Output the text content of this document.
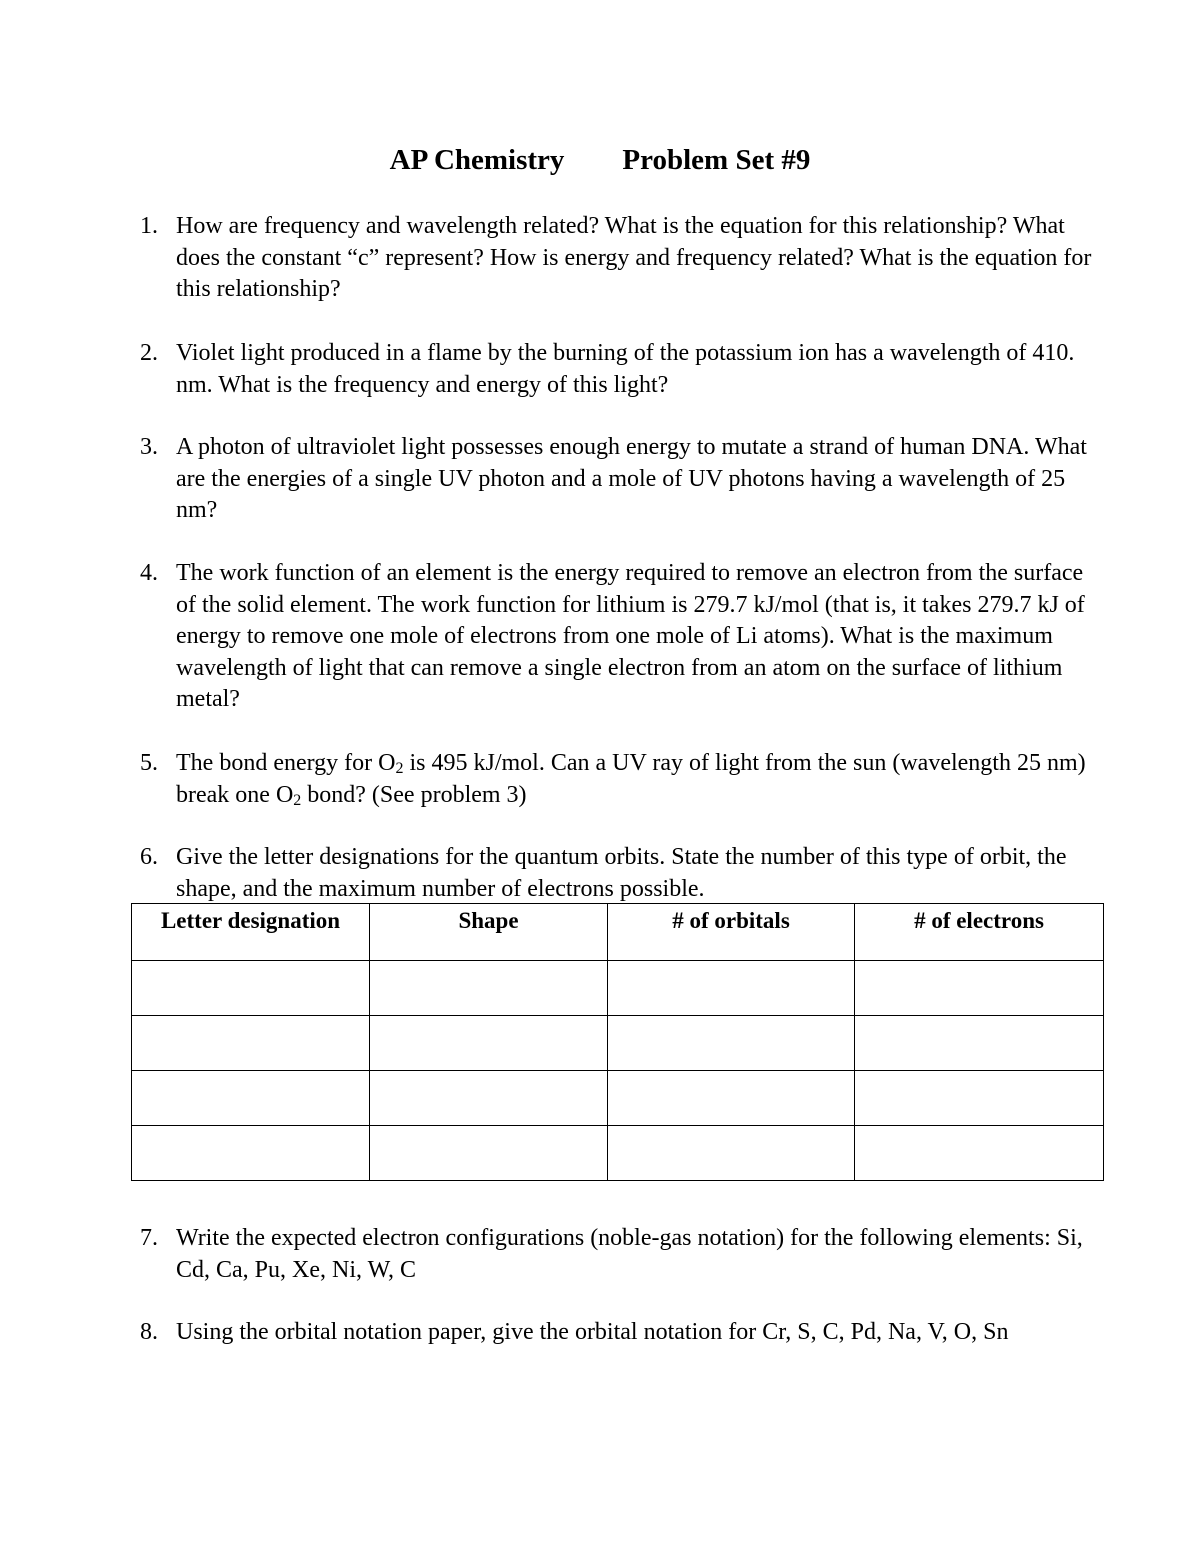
AP Chemistry Problem Set #9
1. How are frequency and wavelength related? What is the equation for this relationship? What does the constant “c” represent? How is energy and frequency related? What is the equation for this relationship?
2. Violet light produced in a flame by the burning of the potassium ion has a wavelength of 410. nm. What is the frequency and energy of this light?
3. A photon of ultraviolet light possesses enough energy to mutate a strand of human DNA. What are the energies of a single UV photon and a mole of UV photons having a wavelength of 25 nm?
4. The work function of an element is the energy required to remove an electron from the surface of the solid element. The work function for lithium is 279.7 kJ/mol (that is, it takes 279.7 kJ of energy to remove one mole of electrons from one mole of Li atoms). What is the maximum wavelength of light that can remove a single electron from an atom on the surface of lithium metal?
5. The bond energy for $O_2$ is 495 kJ/mol. Can a UV ray of light from the sun (wavelength 25 nm) break one $O_2$ bond? (See problem 3)
6. Give the letter designations for the quantum orbits. State the number of this type of orbit, the shape, and the maximum number of electrons possible.
Letter designation	Shape	# of orbitals	# of electrons

7. Write the expected electron configurations (noble-gas notation) for the following elements: Si, Cd, Ca, Pu, Xe, Ni, W, C
8. Using the orbital notation paper, give the orbital notation for Cr, S, C, Pd, Na, V, O, Sn
